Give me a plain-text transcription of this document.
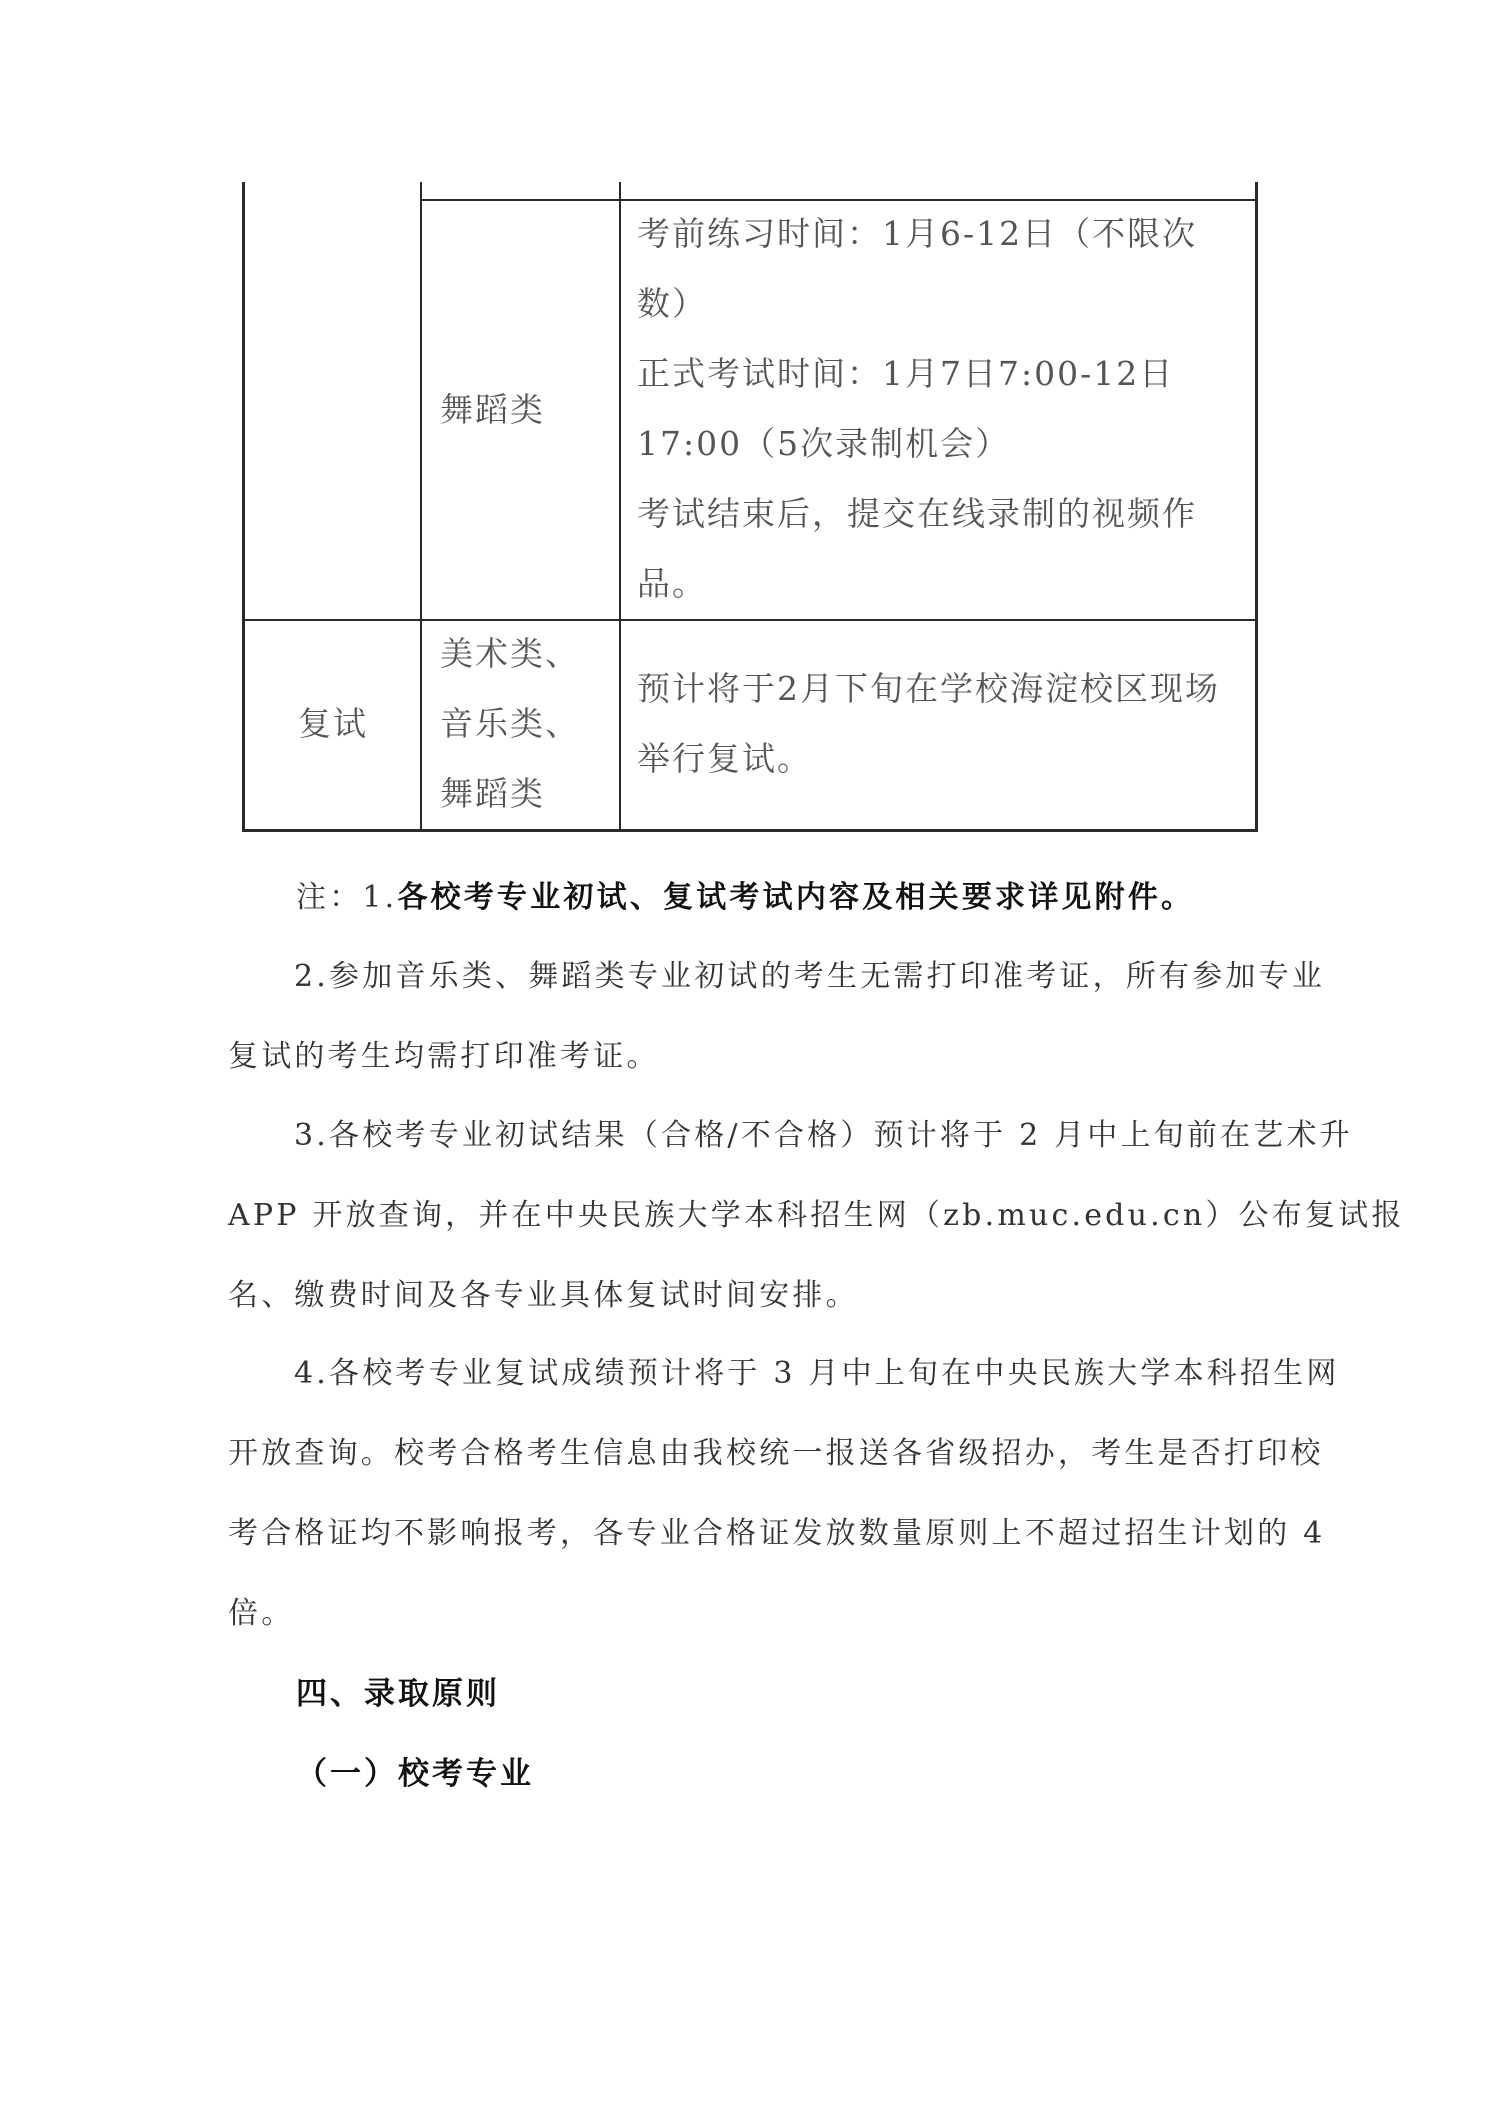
舞蹈类
考前练习时间：1月6-12日（不限次
数）
正式考试时间：1月7日7:00-12日
17:00（5次录制机会）
考试结束后，提交在线录制的视频作
品。
复试
美术类、
音乐类、
舞蹈类
预计将于2月下旬在学校海淀校区现场
举行复试。
注：1.各校考专业初试、复试考试内容及相关要求详见附件。
2.参加音乐类、舞蹈类专业初试的考生无需打印准考证，所有参加专业
复试的考生均需打印准考证。
3.各校考专业初试结果（合格/不合格）预计将于 2 月中上旬前在艺术升
APP 开放查询，并在中央民族大学本科招生网（zb.muc.edu.cn）公布复试报
名、缴费时间及各专业具体复试时间安排。
4.各校考专业复试成绩预计将于 3 月中上旬在中央民族大学本科招生网
开放查询。校考合格考生信息由我校统一报送各省级招办，考生是否打印校
考合格证均不影响报考，各专业合格证发放数量原则上不超过招生计划的 4
倍。
四、录取原则
（一）校考专业
